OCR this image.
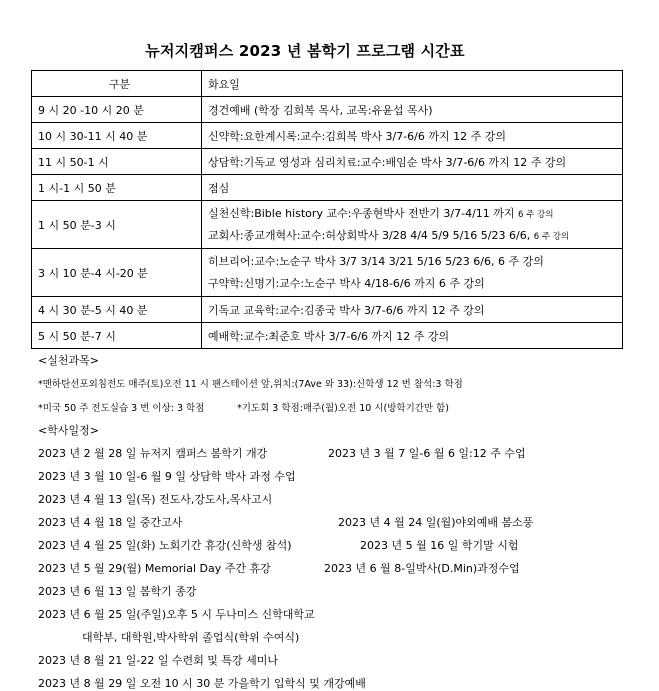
뉴저지캠퍼스 2023 년 봄학기 프로그램 시간표
구분	화요일
9 시 20 -10 시 20 분	경건예배 (학장 김희복 목사, 교목:유윤섭 목사)
10 시 30-11 시 40 분	신약학:요한계시록:교수:김희복 박사 3/7-6/6 까지 12 주 강의
11 시 50-1 시	상담학:기독교 영성과 심리치료:교수:배임순 박사 3/7-6/6 까지 12 주 강의
1 시-1 시 50 분	점심
1 시 50 분-3 시	실천신학:Bible history 교수:우종현박사 전반기 3/7-4/11 까지 6 주 강의
교회사:종교개혁사:교수:허상회박사 3/28 4/4 5/9 5/16 5/23 6/6, 6 주 강의

3 시 10 분-4 시-20 분	히브리어:교수:노순구 박사 3/7 3/14 3/21 5/16 5/23 6/6, 6 주 강의
구약학:신명기:교수:노순구 박사 4/18-6/6 까지 6 주 강의

4 시 30 분-5 시 40 분	기독교 교육학:교수:김종국 박사 3/7-6/6 까지 12 주 강의
5 시 50 분-7 시	예배학:교수:최준호 박사 3/7-6/6 까지 12 주 강의
<실천과목>
*맨하탄선포외침전도 매주(토)오전 11 시 팬스테이션 앞,위치:(7Ave 와 33):신학생 12 번 참석:3 학점
*미국 50 주 전도실습 3 번 이상: 3 학점	*기도회 3 학점:매주(월)오전 10 시(방학기간만 함)
<학사일정>
2023 년 2 월 28 일 뉴저지 캠퍼스 봄학기 개강	2023 년 3 월 7 일-6 월 6 일:12 주 수업
2023 년 3 월 10 일-6 월 9 일 상담학 박사 과정 수업
2023 년 4 월 13 일(목) 전도사,강도사,목사고시
2023 년 4 월 18 일 중간고사	2023 년 4 월 24 일(월)야외예배 봄소풍
2023 년 4 월 25 일(화) 노회기간 휴강(신학생 참석)	2023 년 5 월 16 일 학기말 시험
2023 년 5 월 29(월) Memorial Day 주간 휴강	2023 년 6 월 8-일박사(D.Min)과정수업
2023 년 6 월 13 일 봄학기 종강
2023 년 6 월 25 일(주일)오후 5 시 두나미스 신학대학교
대학부, 대학원,박사학위 졸업식(학위 수여식)
2023 년 8 월 21 일-22 일 수련회 및 특강 세미나
2023 년 8 월 29 일 오전 10 시 30 분 가을학기 입학식 및 개강예배
